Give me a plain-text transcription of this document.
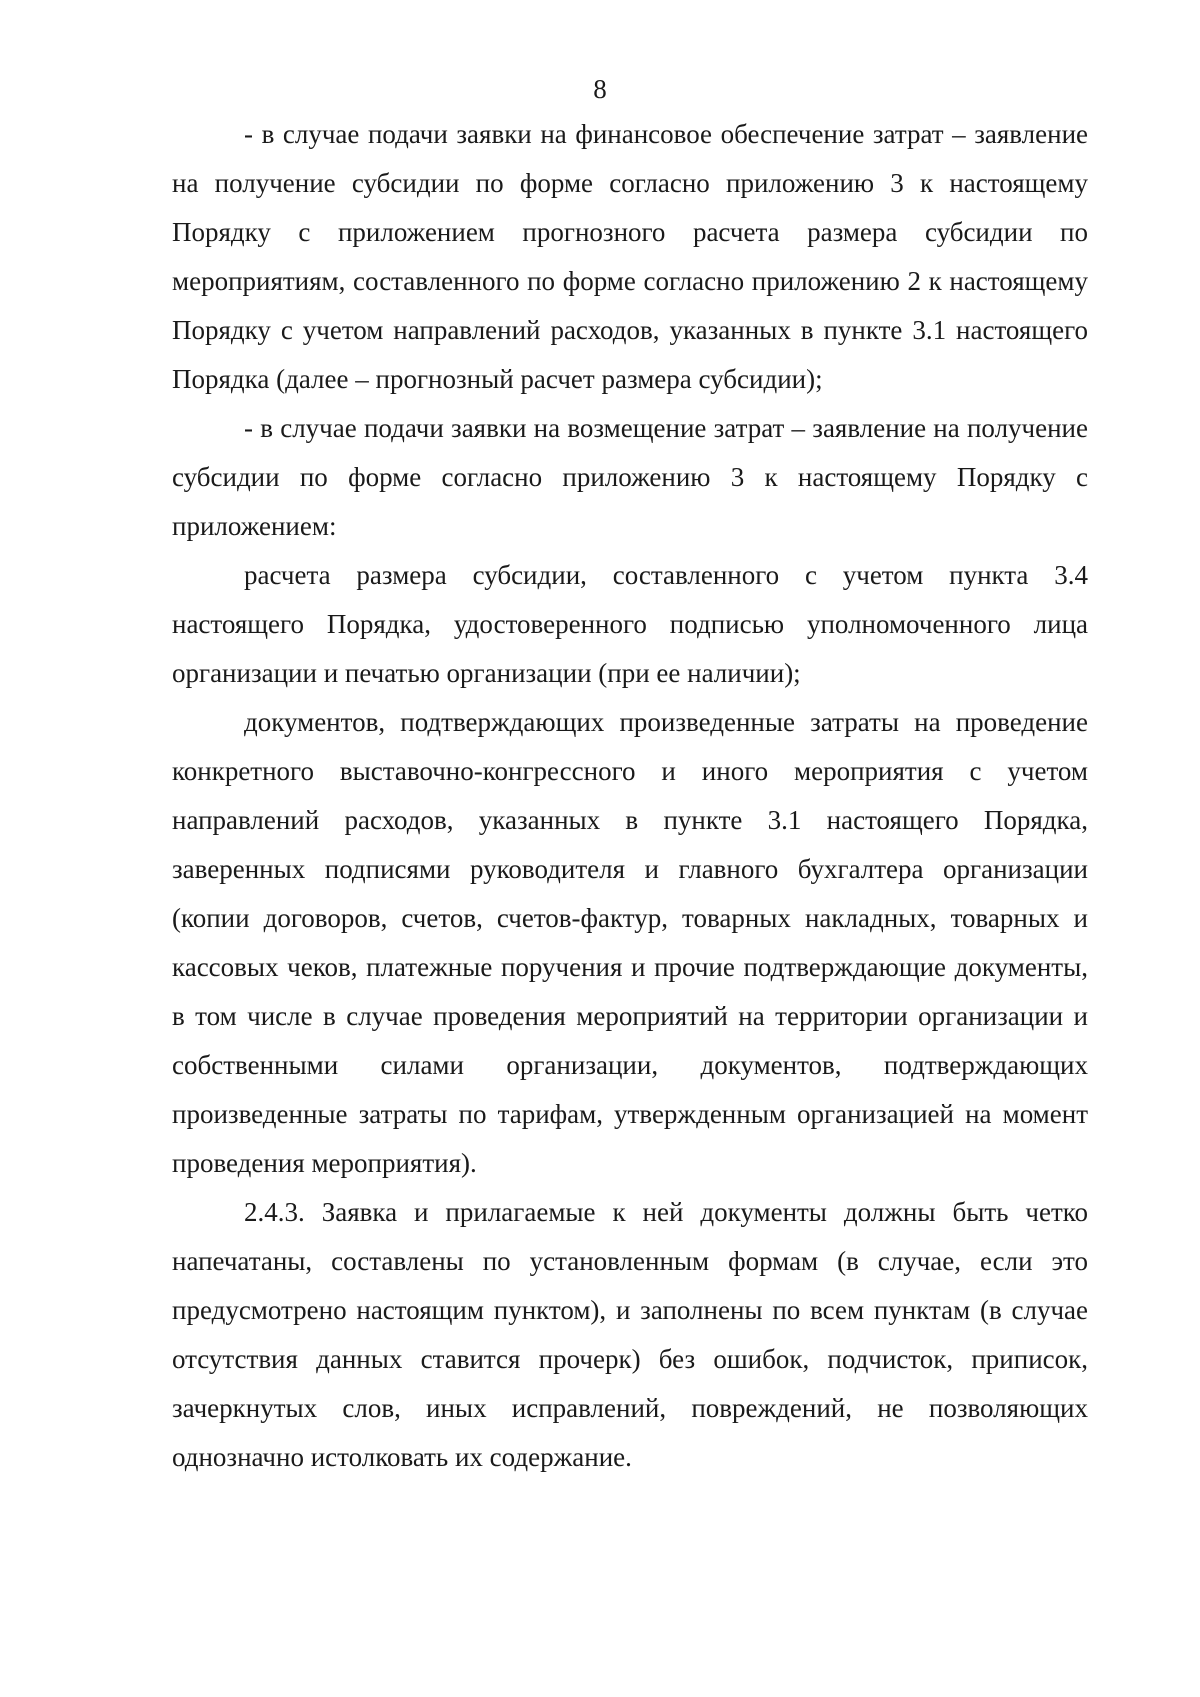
8

- в случае подачи заявки на финансовое обеспечение затрат – заявление на получение субсидии по форме согласно приложению 3 к настоящему Порядку с приложением прогнозного расчета размера субсидии по мероприятиям, составленного по форме согласно приложению 2 к настоящему Порядку с учетом направлений расходов, указанных в пункте 3.1 настоящего Порядка (далее – прогнозный расчет размера субсидии);

- в случае подачи заявки на возмещение затрат – заявление на получение субсидии по форме согласно приложению 3 к настоящему Порядку с приложением:

расчета размера субсидии, составленного с учетом пункта 3.4 настоящего Порядка, удостоверенного подписью уполномоченного лица организации и печатью организации (при ее наличии);

документов, подтверждающих произведенные затраты на проведение конкретного выставочно-конгрессного и иного мероприятия с учетом направлений расходов, указанных в пункте 3.1 настоящего Порядка, заверенных подписями руководителя и главного бухгалтера организации (копии договоров, счетов, счетов-фактур, товарных накладных, товарных и кассовых чеков, платежные поручения и прочие подтверждающие документы, в том числе в случае проведения мероприятий на территории организации и собственными силами организации, документов, подтверждающих произведенные затраты по тарифам, утвержденным организацией на момент проведения мероприятия).

2.4.3. Заявка и прилагаемые к ней документы должны быть четко напечатаны, составлены по установленным формам (в случае, если это предусмотрено настоящим пунктом), и заполнены по всем пунктам (в случае отсутствия данных ставится прочерк) без ошибок, подчисток, приписок, зачеркнутых слов, иных исправлений, повреждений, не позволяющих однозначно истолковать их содержание.
